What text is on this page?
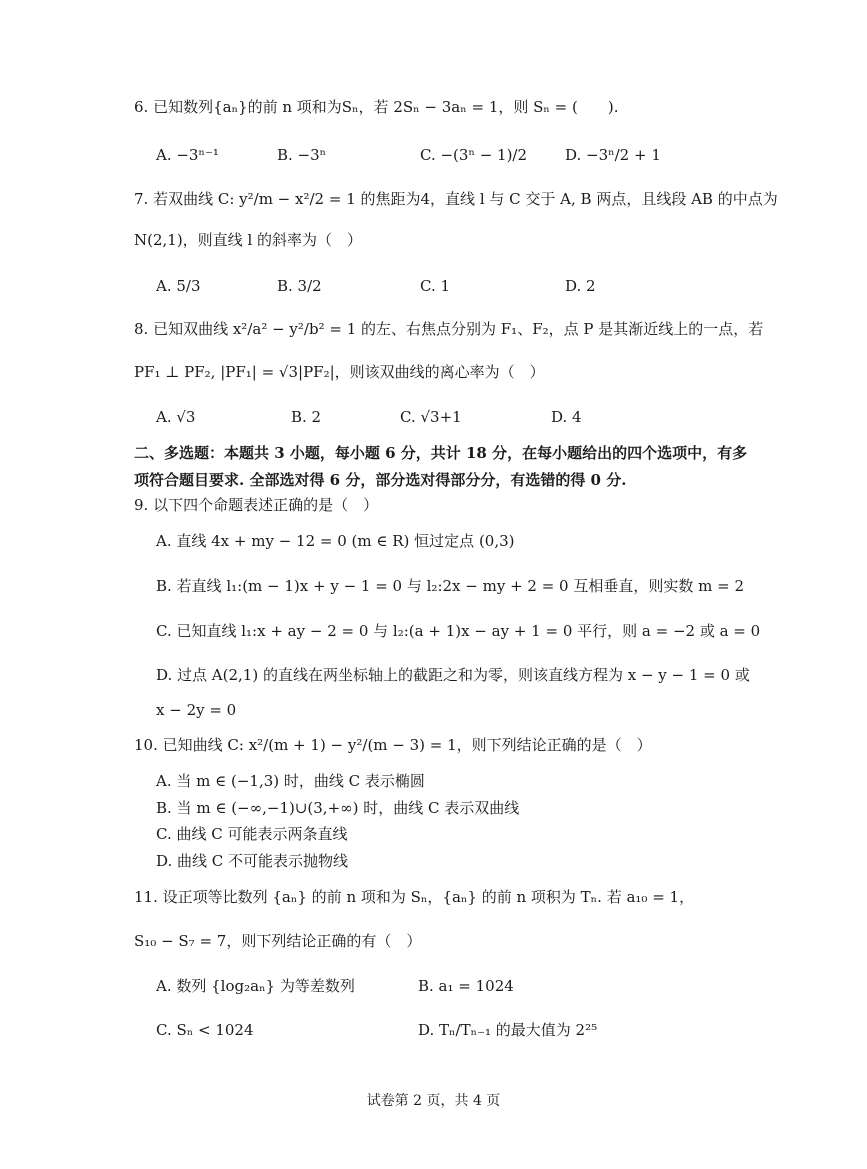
6. 已知数列{aₙ}的前 n 项和为Sₙ，若 2Sₙ − 3aₙ = 1，则 Sₙ = (　　).
A. −3ⁿ⁻¹	B. −3ⁿ	C. −(3ⁿ − 1)/2	D. −3ⁿ/2 + 1
7. 若双曲线 C: y²/m − x²/2 = 1 的焦距为4，直线 l 与 C 交于 A, B 两点，且线段 AB 的中点为
N(2,1)，则直线 l 的斜率为（　）
A. 5/3	B. 3/2	C. 1	D. 2
8. 已知双曲线 x²/a² − y²/b² = 1 的左、右焦点分别为 F₁、F₂，点 P 是其渐近线上的一点，若
PF₁ ⊥ PF₂, |PF₁| = √3|PF₂|，则该双曲线的离心率为（　）
A. √3	B. 2	C. √3+1	D. 4
二、多选题：本题共 3 小题，每小题 6 分，共计 18 分，在每小题给出的四个选项中，有多
项符合题目要求. 全部选对得 6 分，部分选对得部分分，有选错的得 0 分.
9. 以下四个命题表述正确的是（　）
A. 直线 4x + my − 12 = 0 (m ∈ R) 恒过定点 (0,3)
B. 若直线 l₁:(m − 1)x + y − 1 = 0 与 l₂:2x − my + 2 = 0 互相垂直，则实数 m = 2
C. 已知直线 l₁:x + ay − 2 = 0 与 l₂:(a + 1)x − ay + 1 = 0 平行，则 a = −2 或 a = 0
D. 过点 A(2,1) 的直线在两坐标轴上的截距之和为零，则该直线方程为 x − y − 1 = 0 或
x − 2y = 0
10. 已知曲线 C: x²/(m + 1) − y²/(m − 3) = 1，则下列结论正确的是（　）
A. 当 m ∈ (−1,3) 时，曲线 C 表示椭圆
B. 当 m ∈ (−∞,−1)∪(3,+∞) 时，曲线 C 表示双曲线
C. 曲线 C 可能表示两条直线
D. 曲线 C 不可能表示抛物线
11. 设正项等比数列 {aₙ} 的前 n 项和为 Sₙ，{aₙ} 的前 n 项积为 Tₙ. 若 a₁₀ = 1，
S₁₀ − S₇ = 7，则下列结论正确的有（　）
A. 数列 {log₂aₙ} 为等差数列	B. a₁ = 1024
C. Sₙ < 1024	D. Tₙ/Tₙ₋₁ 的最大值为 2²⁵
试卷第 2 页，共 4 页
